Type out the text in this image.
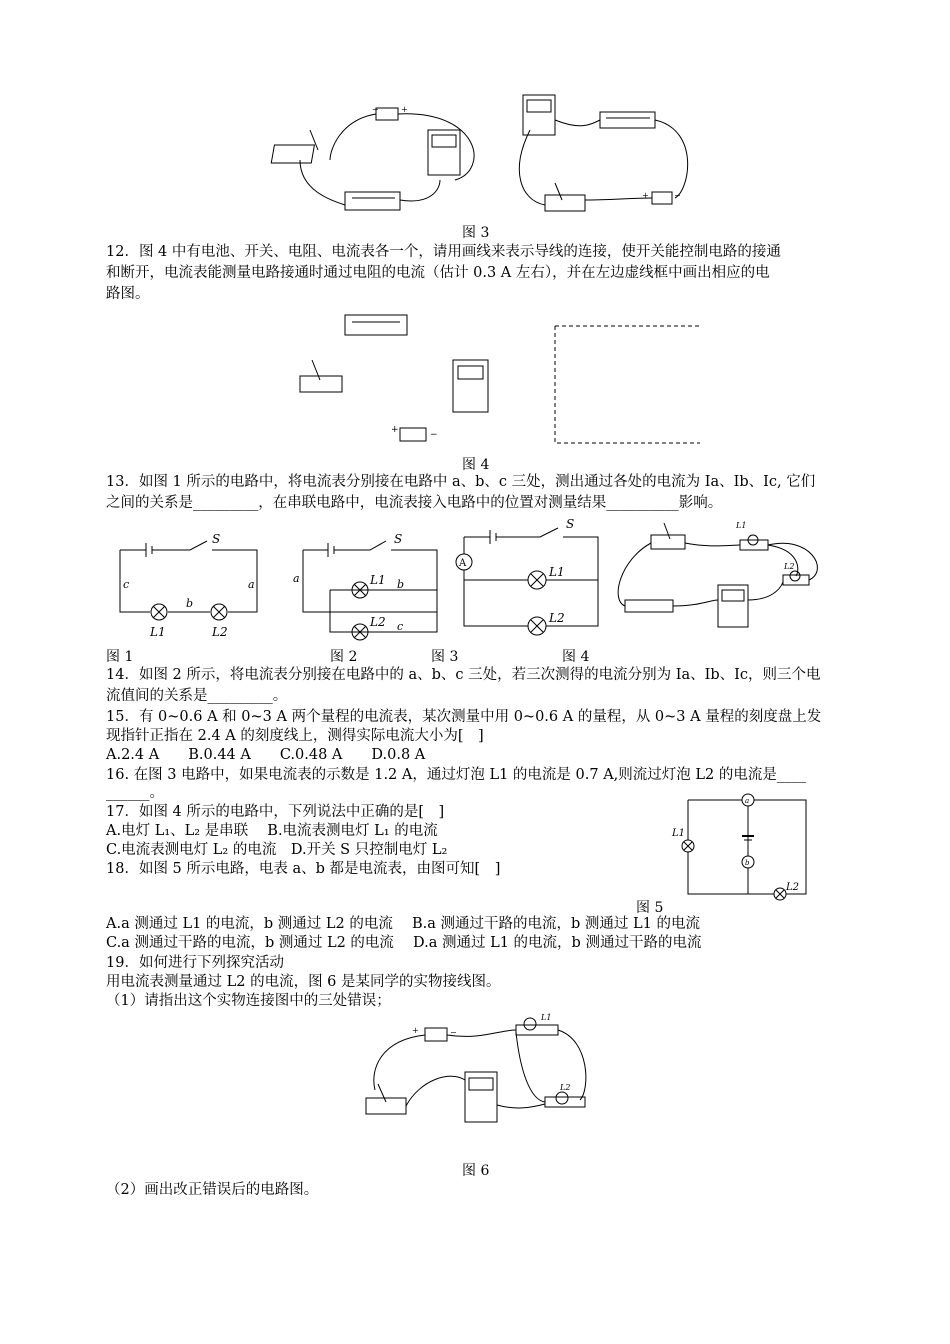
−	+
+	−
图 3
12．图 4 中有电池、开关、电阻、电流表各一个，请用画线来表示导线的连接，使开关能控制电路的接通
和断开，电流表能测量电路接通时通过电阻的电流（估计 0.3 A 左右），并在左边虚线框中画出相应的电
路图。
+	−
图 4
13．如图 1 所示的电路中，将电流表分别接在电路中 a、b、c 三处，测出通过各处的电流为 Ia、Ib、Ic, 它们
之间的关系是_________，在串联电路中，电流表接入电路中的位置对测量结果__________影响。
S
c	a
b
L1	L2
S
a	b
c
L1
L2
A
S
L1
L2
L1
L2
图 1	图 2	图 3	图 4
14．如图 2 所示，将电流表分别接在电路中的 a、b、c 三处，若三次测得的电流分别为 Ia、Ib、Ic，则三个电
流值间的关系是_________。
15．有 0~0.6 A 和 0~3 A 两个量程的电流表，某次测量中用 0~0.6 A 的量程，从 0~3 A 量程的刻度盘上发
现指针正指在 2.4 A 的刻度线上，测得实际电流大小为[　]
A.2.4 A　　B.0.44 A　　C.0.48 A　　D.0.8 A
16. 在图 3 电路中，如果电流表的示数是 1.2 A，通过灯泡 L1 的电流是 0.7 A,则流过灯泡 L2 的电流是____
______。
17．如图 4 所示的电路中，下列说法中正确的是[　]
A.电灯 L₁、L₂ 是串联　 B.电流表测电灯 L₁ 的电流
C.电流表测电灯 L₂ 的电流　D.开关 S 只控制电灯 L₂
18．如图 5 所示电路，电表 a、b 都是电流表，由图可知[　]
a
b
L1
L2
图 5
A.a 测通过 L1 的电流，b 测通过 L2 的电流　 B.a 测通过干路的电流，b 测通过 L1 的电流
C.a 测通过干路的电流，b 测通过 L2 的电流　 D.a 测通过 L1 的电流，b 测通过干路的电流
19．如何进行下列探究活动
用电流表测量通过 L2 的电流，图 6 是某同学的实物接线图。
（1）请指出这个实物连接图中的三处错误；
+	−
L1
L2
图 6
（2）画出改正错误后的电路图。
